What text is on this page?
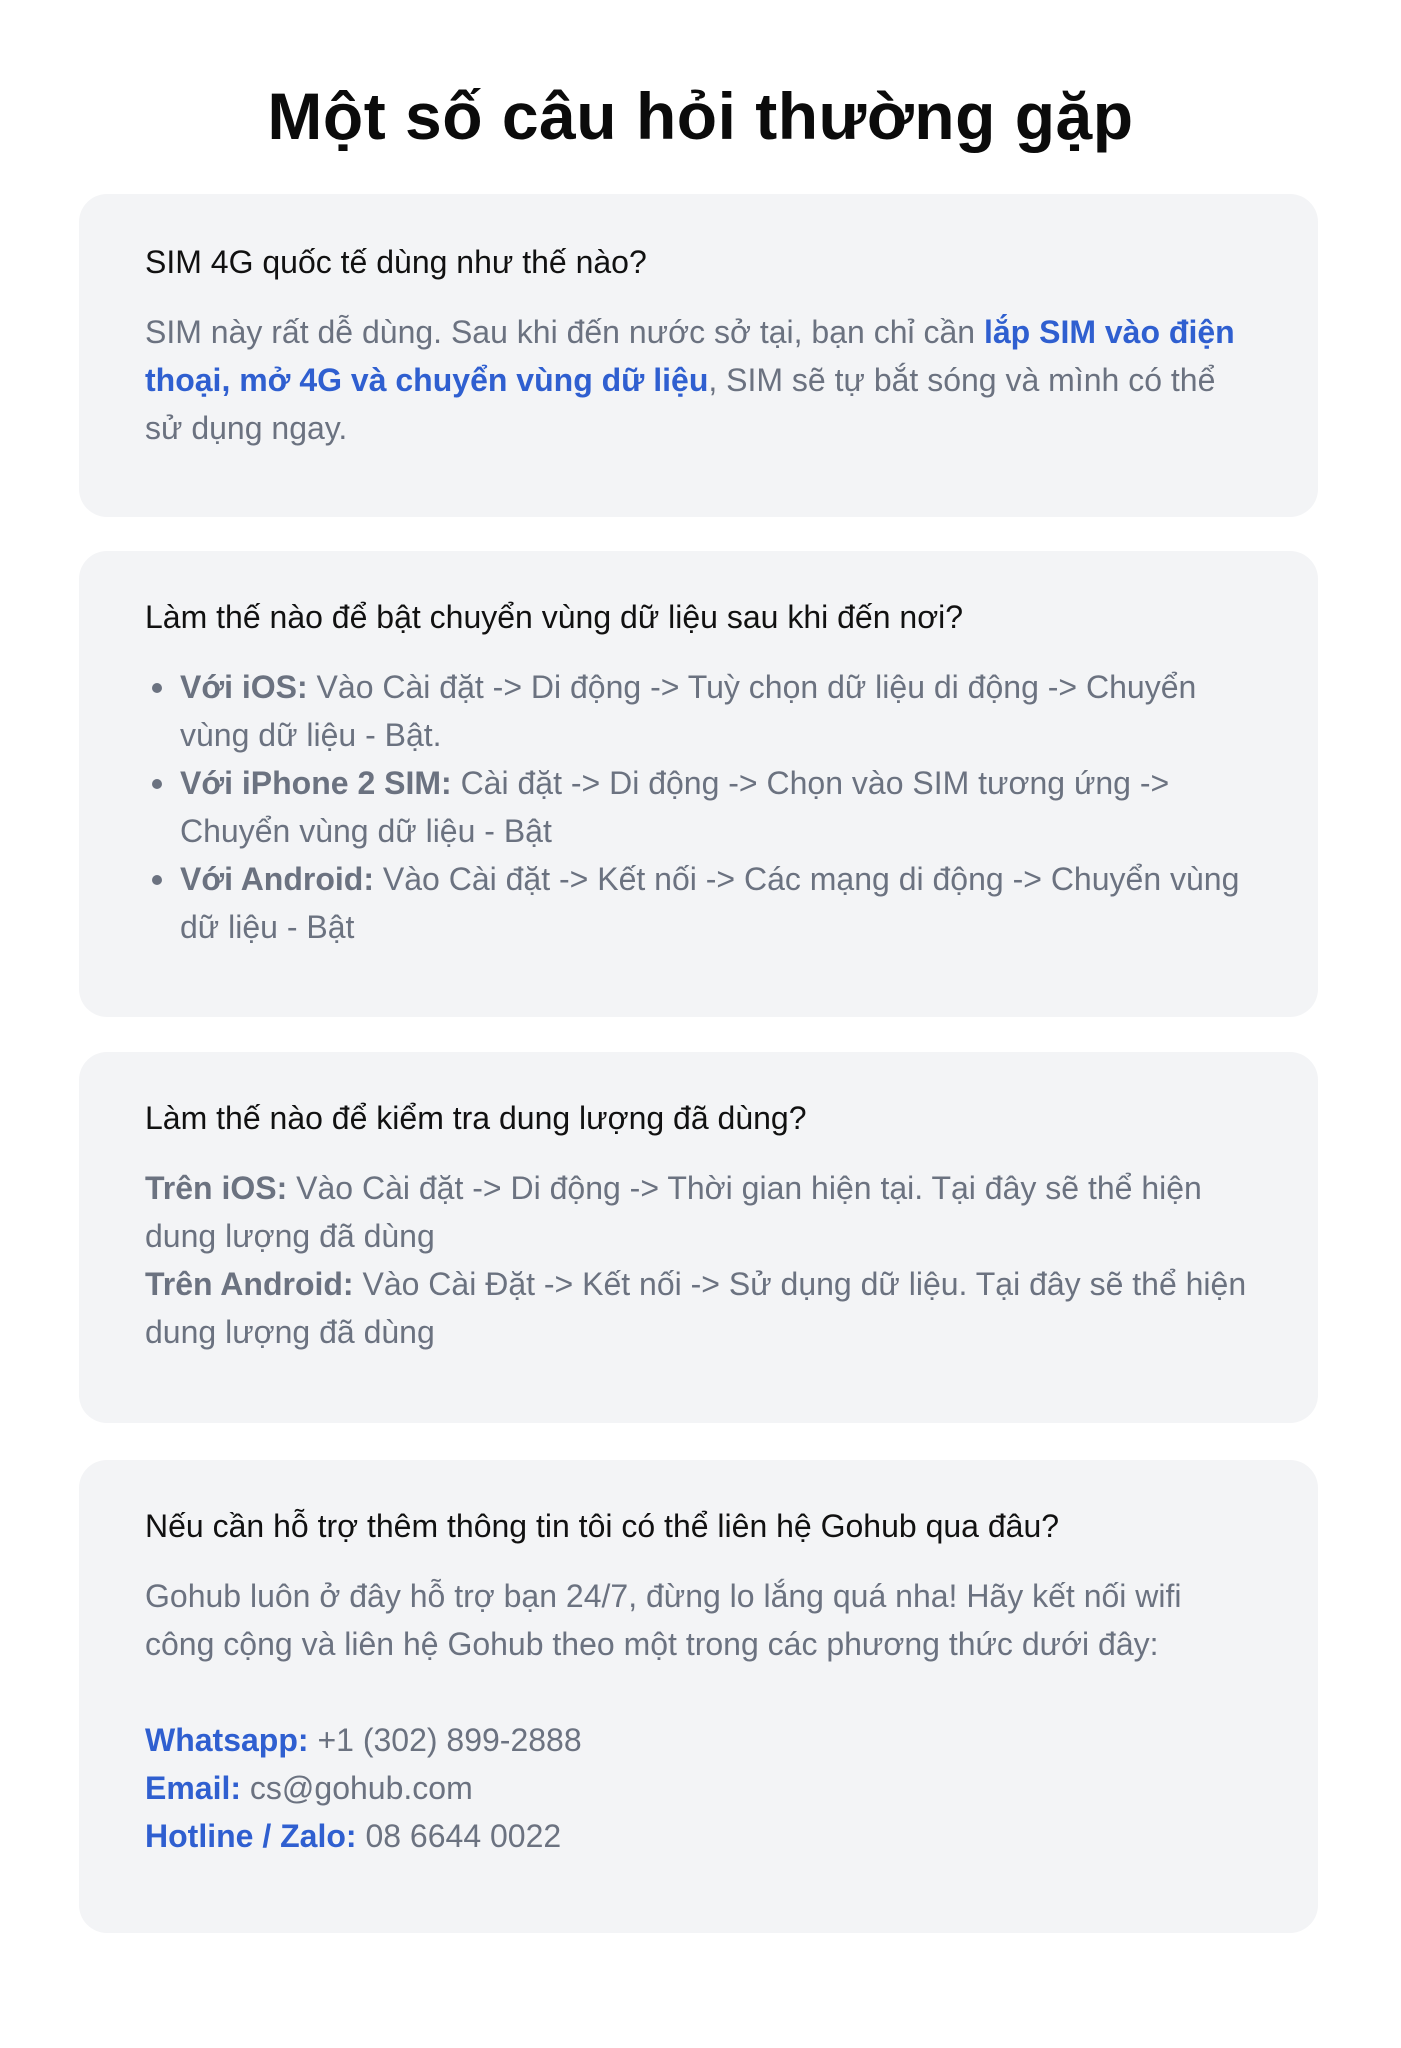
Một số câu hỏi thường gặp
SIM 4G quốc tế dùng như thế nào?

SIM này rất dễ dùng. Sau khi đến nước sở tại, bạn chỉ cần lắp SIM vào điện thoại, mở 4G và chuyển vùng dữ liệu, SIM sẽ tự bắt sóng và mình có thể sử dụng ngay.

Làm thế nào để bật chuyển vùng dữ liệu sau khi đến nơi?
Với iOS: Vào Cài đặt -> Di động -> Tuỳ chọn dữ liệu di động -> Chuyển vùng dữ liệu - Bật.
Với iPhone 2 SIM: Cài đặt -> Di động -> Chọn vào SIM tương ứng -> Chuyển vùng dữ liệu - Bật
Với Android: Vào Cài đặt -> Kết nối -> Các mạng di động -> Chuyển vùng dữ liệu - Bật
Làm thế nào để kiểm tra dung lượng đã dùng?

Trên iOS: Vào Cài đặt -> Di động -> Thời gian hiện tại. Tại đây sẽ thể hiện dung lượng đã dùng

Trên Android: Vào Cài Đặt -> Kết nối -> Sử dụng dữ liệu. Tại đây sẽ thể hiện dung lượng đã dùng

Nếu cần hỗ trợ thêm thông tin tôi có thể liên hệ Gohub qua đâu?

Gohub luôn ở đây hỗ trợ bạn 24/7, đừng lo lắng quá nha! Hãy kết nối wifi công cộng và liên hệ Gohub theo một trong các phương thức dưới đây:

Whatsapp: +1 (302) 899-2888

Email: cs@gohub.com

Hotline / Zalo: 08 6644 0022
